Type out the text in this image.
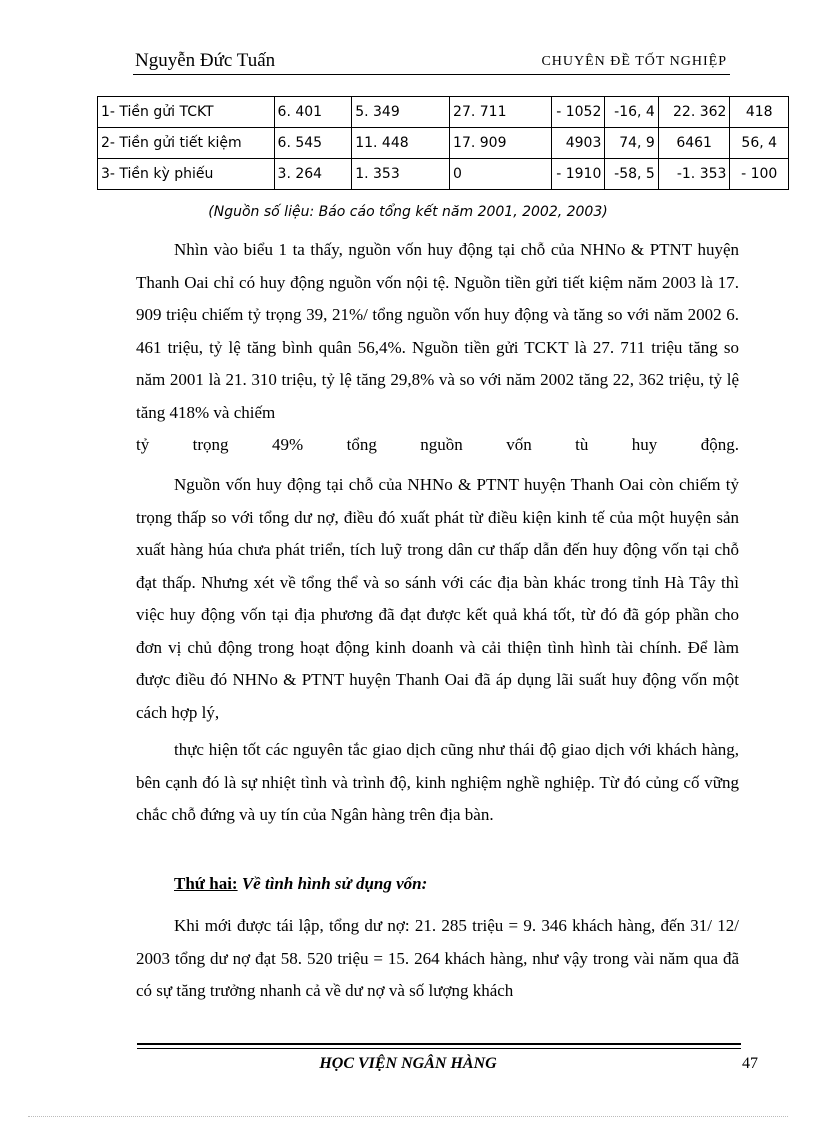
Nguyễn Đức Tuấn	CHUYÊN ĐỀ TỐT NGHIỆP
1- Tiền gửi TCKT	6. 401	5. 349	27. 711	- 1052	-16, 4	22. 362	418
2- Tiền gửi tiết kiệm	6. 545	11. 448	17. 909	4903	74, 9	6461	56, 4
3- Tiền kỳ phiếu	3. 264	1. 353	0	- 1910	-58, 5	-1. 353	- 100
(Nguồn số liệu: Báo cáo tổng kết năm 2001, 2002, 2003)

Nhìn vào biểu 1 ta thấy, nguồn vốn huy động tại chỗ của NHNo & PTNT huyện Thanh Oai chỉ có huy động nguồn vốn nội tệ. Nguồn tiền gửi tiết kiệm năm 2003 là 17. 909 triệu chiếm tỷ trọng 39, 21%/ tổng nguồn vốn huy động và tăng so với năm 2002 6. 461 triệu, tỷ lệ tăng bình quân 56,4%. Nguồn tiền gửi TCKT là 27. 711 triệu tăng so năm 2001 là 21. 310 triệu, tỷ lệ tăng 29,8% và so với năm 2002 tăng 22, 362 triệu, tỷ lệ tăng 418% và chiếm

tỷ trọng 49% tổng nguồn vốn tù huy động.

Nguồn vốn huy động tại chỗ của NHNo & PTNT huyện Thanh Oai còn chiếm tỷ trọng thấp so với tổng dư nợ, điều đó xuất phát từ điều kiện kinh tế của một huyện sản xuất hàng húa chưa phát triển, tích luỹ trong dân cư thấp dẫn đến huy động vốn tại chỗ đạt thấp. Nhưng xét về tổng thể và so sánh với các địa bàn khác trong tỉnh Hà Tây thì việc huy động vốn tại địa phương đã đạt được kết quả khá tốt, từ đó đã góp phần cho đơn vị chủ động trong hoạt động kinh doanh và cải thiện tình hình tài chính. Để làm được điều đó NHNo & PTNT huyện Thanh Oai đã áp dụng lãi suất huy động vốn một cách hợp lý,

thực hiện tốt các nguyên tắc giao dịch cũng như thái độ giao dịch với khách hàng, bên cạnh đó là sự nhiệt tình và trình độ, kinh nghiệm nghề nghiệp. Từ đó củng cố vững chắc chỗ đứng và uy tín của Ngân hàng trên địa bàn.

Thứ hai: Về tình hình sử dụng vốn:

Khi mới được tái lập, tổng dư nợ: 21. 285 triệu = 9. 346 khách hàng, đến 31/ 12/ 2003 tổng dư nợ đạt 58. 520 triệu = 15. 264 khách hàng, như vậy trong vài năm qua đã có sự tăng trưởng nhanh cả về dư nợ và số lượng khách

HỌC VIỆN NGÂN HÀNG	47
